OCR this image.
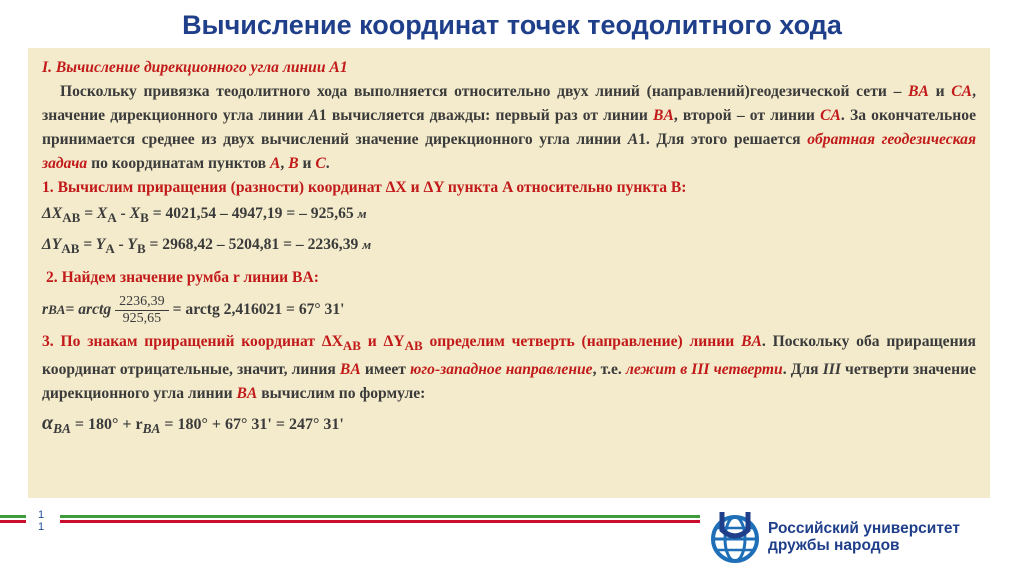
Вычисление координат точек теодолитного хода
I. Вычисление дирекционного угла линии А1
Поскольку привязка теодолитного хода выполняется относительно двух линий (направлений)геодезической сети – BA и CA, значение дирекционного угла линии A1 вычисляется дважды: первый раз от линии BA, второй – от линии CA. За окончательное принимается среднее из двух вычислений значение дирекционного угла линии A1. Для этого решается обратная геодезическая задача по координатам пунктов A, B и C.
1. Вычислим приращения (разности) координат ΔX и ΔY пункта A относительно пункта B:
$\Delta X_{AB} = X_A - X_B = 4021,54 - 4947,19$ = – 925,65 м
$\Delta Y_{AB} = Y_A - Y_B = 2968,42 - 5204,81$ = – 2236,39 м
2. Найдем значение румба r линии BA:
r BA = arctg $\frac{2236,39}{925,65}$ = arctg 2,416021 = 67° 31'
3. По знакам приращений координат $\Delta X_{AB}$ и $\Delta Y_{AB}$ определим четверть (направление) линии BA. Поскольку оба приращения координат отрицательные, значит, линия BA имеет юго-западное направление, т.е. лежит в III четверти. Для III четверти значение дирекционного угла линии BA вычислим по формуле:
$\alpha_{BA} = 180^\circ + r_{BA} = 180^\circ + 67^\circ$ 31' = 247° 31'
1
1	Российский университет
дружбы народов
